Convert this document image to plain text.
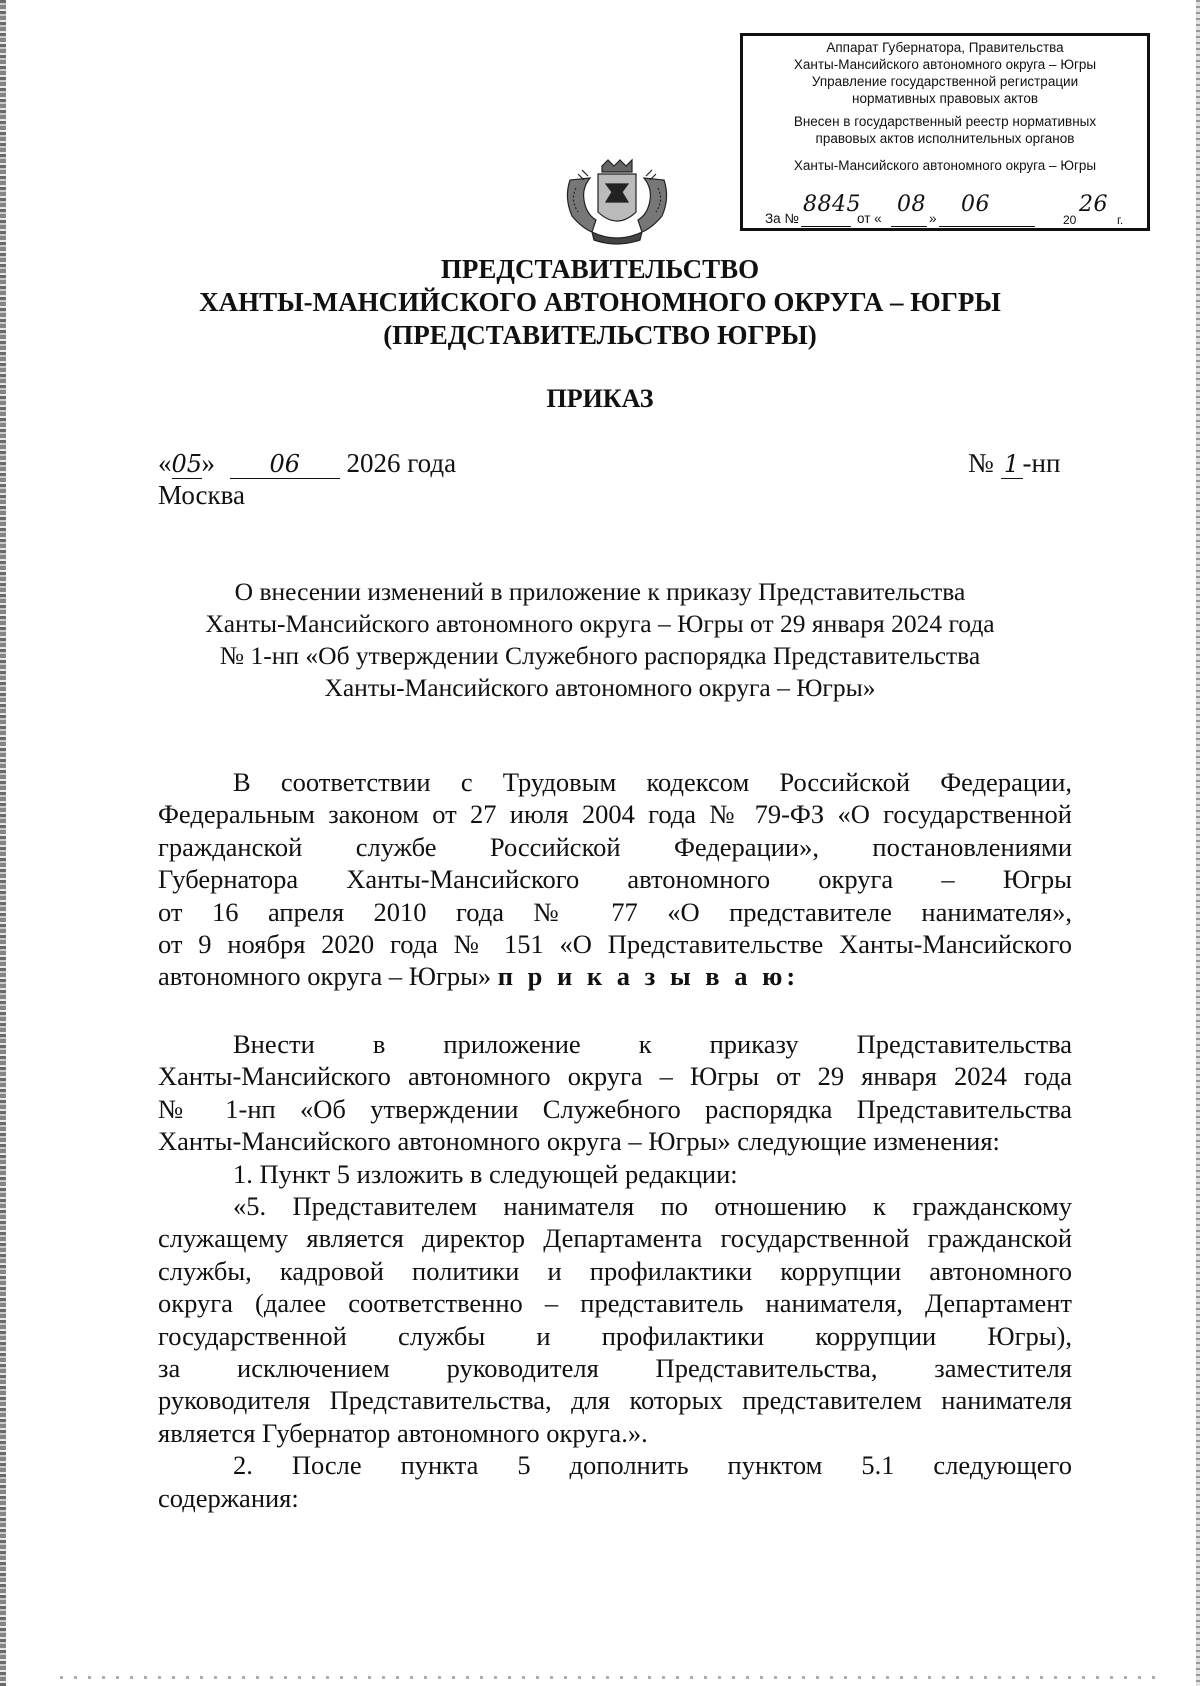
Аппарат Губернатора, Правительства
Ханты-Мансийского автономного округа – Югры
Управление государственной регистрации
нормативных правовых актов
Внесен в государственный реестр нормативных
правовых актов исполнительных органов
Ханты-Мансийского автономного округа – Югры
За №
8845
от «
08
»
06
20
26
г.
ПРЕДСТАВИТЕЛЬСТВО
ХАНТЫ-МАНСИЙСКОГО АВТОНОМНОГО ОКРУГА – ЮГРЫ
(ПРЕДСТАВИТЕЛЬСТВО ЮГРЫ)
ПРИКАЗ
«05» 06 2026 года	№ 1 -нп
Москва
О внесении изменений в приложение к приказу Представительства
Ханты-Мансийского автономного округа – Югры от 29 января 2024 года
№ 1-нп «Об утверждении Служебного распорядка Представительства
Ханты-Мансийского автономного округа – Югры»
В соответствии с Трудовым кодексом Российской Федерации,
Федеральным законом от 27 июля 2004 года № 79-ФЗ «О государственной
гражданской службе Российской Федерации», постановлениями
Губернатора Ханты-Мансийского автономного округа – Югры
от 16 апреля 2010 года № 77 «О представителе нанимателя»,
от 9 ноября 2020 года № 151 «О Представительстве Ханты-Мансийского
автономного округа – Югры» п р и к а з ы в а ю:
Внести в приложение к приказу Представительства
Ханты-Мансийского автономного округа – Югры от 29 января 2024 года
№ 1-нп «Об утверждении Служебного распорядка Представительства
Ханты-Мансийского автономного округа – Югры» следующие изменения:
1. Пункт 5 изложить в следующей редакции:
«5. Представителем нанимателя по отношению к гражданскому
служащему является директор Департамента государственной гражданской
службы, кадровой политики и профилактики коррупции автономного
округа (далее соответственно – представитель нанимателя, Департамент
государственной службы и профилактики коррупции Югры),
за исключением руководителя Представительства, заместителя
руководителя Представительства, для которых представителем нанимателя
является Губернатор автономного округа.».
2. После пункта 5 дополнить пунктом 5.1 следующего
содержания:
